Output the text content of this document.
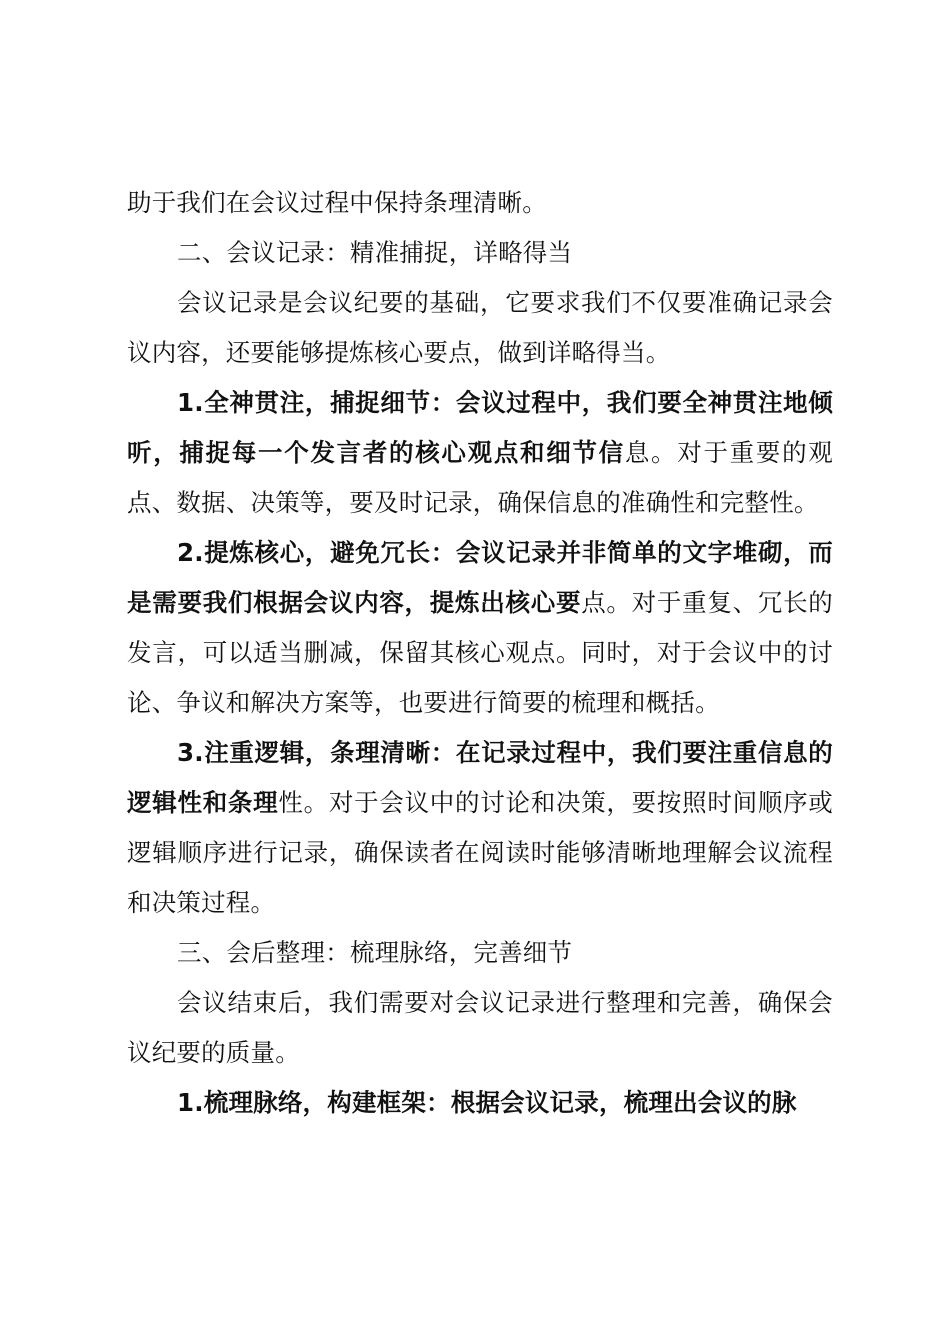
助于我们在会议过程中保持条理清晰。

二、会议记录：精准捕捉，详略得当

会议记录是会议纪要的基础，它要求我们不仅要准确记录会议内容，还要能够提炼核心要点，做到详略得当。

1.全神贯注，捕捉细节：会议过程中，我们要全神贯注地倾听，捕捉每一个发言者的核心观点和细节信息。对于重要的观点、数据、决策等，要及时记录，确保信息的准确性和完整性。

2.提炼核心，避免冗长：会议记录并非简单的文字堆砌，而是需要我们根据会议内容，提炼出核心要点。对于重复、冗长的发言，可以适当删减，保留其核心观点。同时，对于会议中的讨论、争议和解决方案等，也要进行简要的梳理和概括。

3.注重逻辑，条理清晰：在记录过程中，我们要注重信息的逻辑性和条理性。对于会议中的讨论和决策，要按照时间顺序或逻辑顺序进行记录，确保读者在阅读时能够清晰地理解会议流程和决策过程。

三、会后整理：梳理脉络，完善细节

会议结束后，我们需要对会议记录进行整理和完善，确保会议纪要的质量。

1.梳理脉络，构建框架：根据会议记录，梳理出会议的脉
